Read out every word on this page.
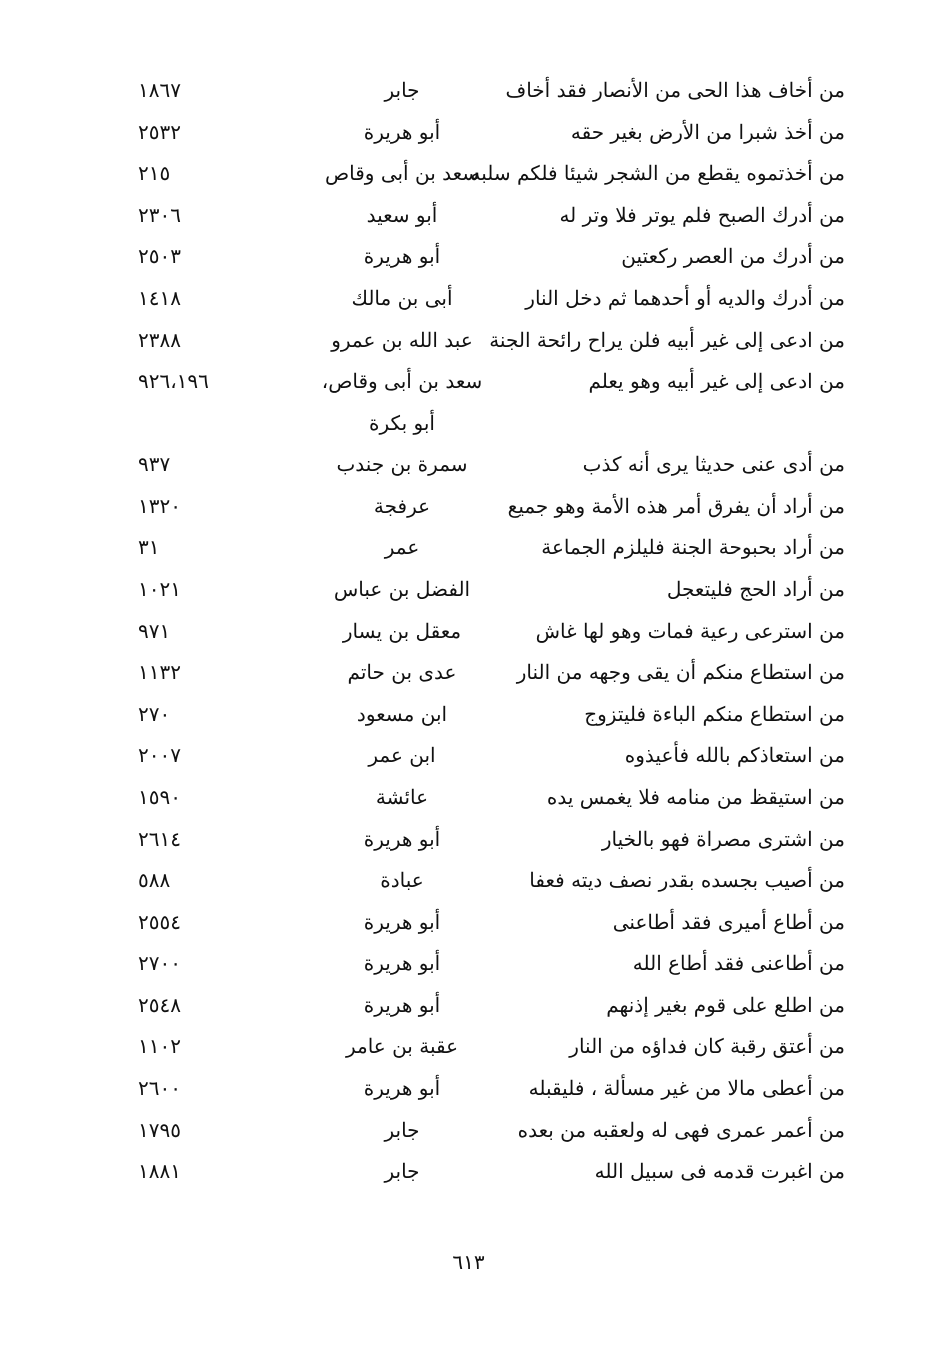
من أخاف هذا الحى من الأنصار فقد أخاف
جابر
١٨٦٧
من أخذ شبرا من الأرض بغير حقه
أبو هريرة
٢٥٣٢
من أخذتموه يقطع من الشجر شيئا فلكم سلبه
سعد بن أبى وقاص
٢١٥
من أدرك الصبح فلم يوتر فلا وتر له
أبو سعيد
٢٣٠٦
من أدرك من العصر ركعتين
أبو هريرة
٢٥٠٣
من أدرك والديه أو أحدهما ثم دخل النار
أبى بن مالك
١٤١٨
من ادعى إلى غير أبيه فلن يراح رائحة الجنة
عبد الله بن عمرو
٢٣٨٨
من ادعى إلى غير أبيه وهو يعلم
سعد بن أبى وقاص،
أبو بكرة
٩٢٦،١٩٦
من أدى عنى حديثا يرى أنه كذب
سمرة بن جندب
٩٣٧
من أراد أن يفرق أمر هذه الأمة وهو جميع
عرفجة
١٣٢٠
من أراد بحبوحة الجنة فليلزم الجماعة
عمر
٣١
من أراد الحج فليتعجل
الفضل بن عباس
١٠٢١
من استرعى رعية فمات وهو لها غاش
معقل بن يسار
٩٧١
من استطاع منكم أن يقى وجهه من النار
عدى بن حاتم
١١٣٢
من استطاع منكم الباءة فليتزوج
ابن مسعود
٢٧٠
من استعاذكم بالله فأعيذوه
ابن عمر
٢٠٠٧
من استيقظ من منامه فلا يغمس يده
عائشة
١٥٩٠
من اشترى مصراة فهو بالخيار
أبو هريرة
٢٦١٤
من أصيب بجسده بقدر نصف ديته فعفا
عبادة
٥٨٨
من أطاع أميرى فقد أطاعنى
أبو هريرة
٢٥٥٤
من أطاعنى فقد أطاع الله
أبو هريرة
٢٧٠٠
من اطلع على قوم بغير إذنهم
أبو هريرة
٢٥٤٨
من أعتق رقبة كان فداؤه من النار
عقبة بن عامر
١١٠٢
من أعطى مالا من غير مسألة ، فليقبله
أبو هريرة
٢٦٠٠
من أعمر عمرى فهى له ولعقبه من بعده
جابر
١٧٩٥
من اغبرت قدمه فى سبيل الله
جابر
١٨٨١
٦١٣
